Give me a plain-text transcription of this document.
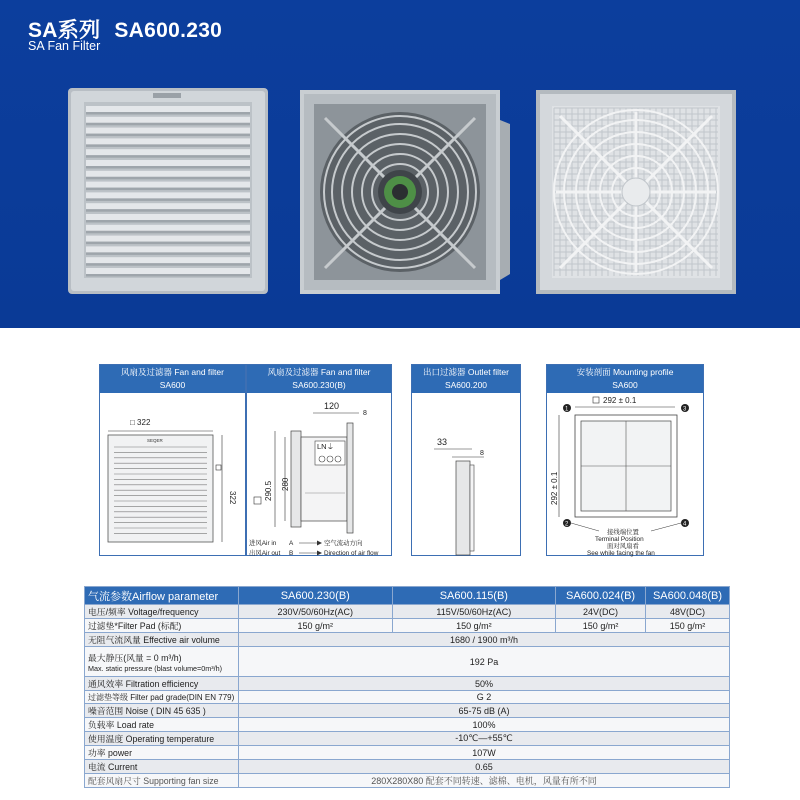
SA系列 SA600.230
SA Fan Filter
风扇及过滤器 Fan and filter
SA600
□ 322
SEQER
322
风扇及过滤器 Fan and filter
SA600.230(B)
120
8
LN⏚
290.5 280
进风Air in A	空气流动方向
出风Air out B	Direction of air flow
出口过滤器 Outlet filter
SA600.200
33
8
安装剖面 Mounting profile
SA600
292 ± 0.1
1	3
2	4
292 ± 0.1
接线端位置
Terminal Position
面对风扇看
See while facing the fan
气流参数Airflow parameter	SA600.230(B)	SA600.115(B)	SA600.024(B)	SA600.048(B)
电压/频率 Voltage/frequency	230V/50/60Hz(AC)	115V/50/60Hz(AC)	24V(DC)	48V(DC)
过滤垫*Filter Pad (标配)	150 g/m²	150 g/m²	150 g/m²	150 g/m²
无阻气流风量 Effective air volume	1680 / 1900 m³/h			

最大静压(风量 = 0 m³/h)
Max. static pressure (blast volume=0m³/h)	192 Pa			
通风效率 Filtration efficiency	50%			
过滤垫等级 Filter pad grade(DIN EN 779)	G 2			
噪音范围 Noise ( DIN 45 635 )	65-75 dB (A)			
负载率 Load rate	100%			
使用温度 Operating temperature	-10℃—+55℃			
功率 power	107W			
电流 Current	0.65			
配套风扇尺寸 Supporting fan size	280X280X80 配套不同转速、滤棉、电机，风量有所不同			
